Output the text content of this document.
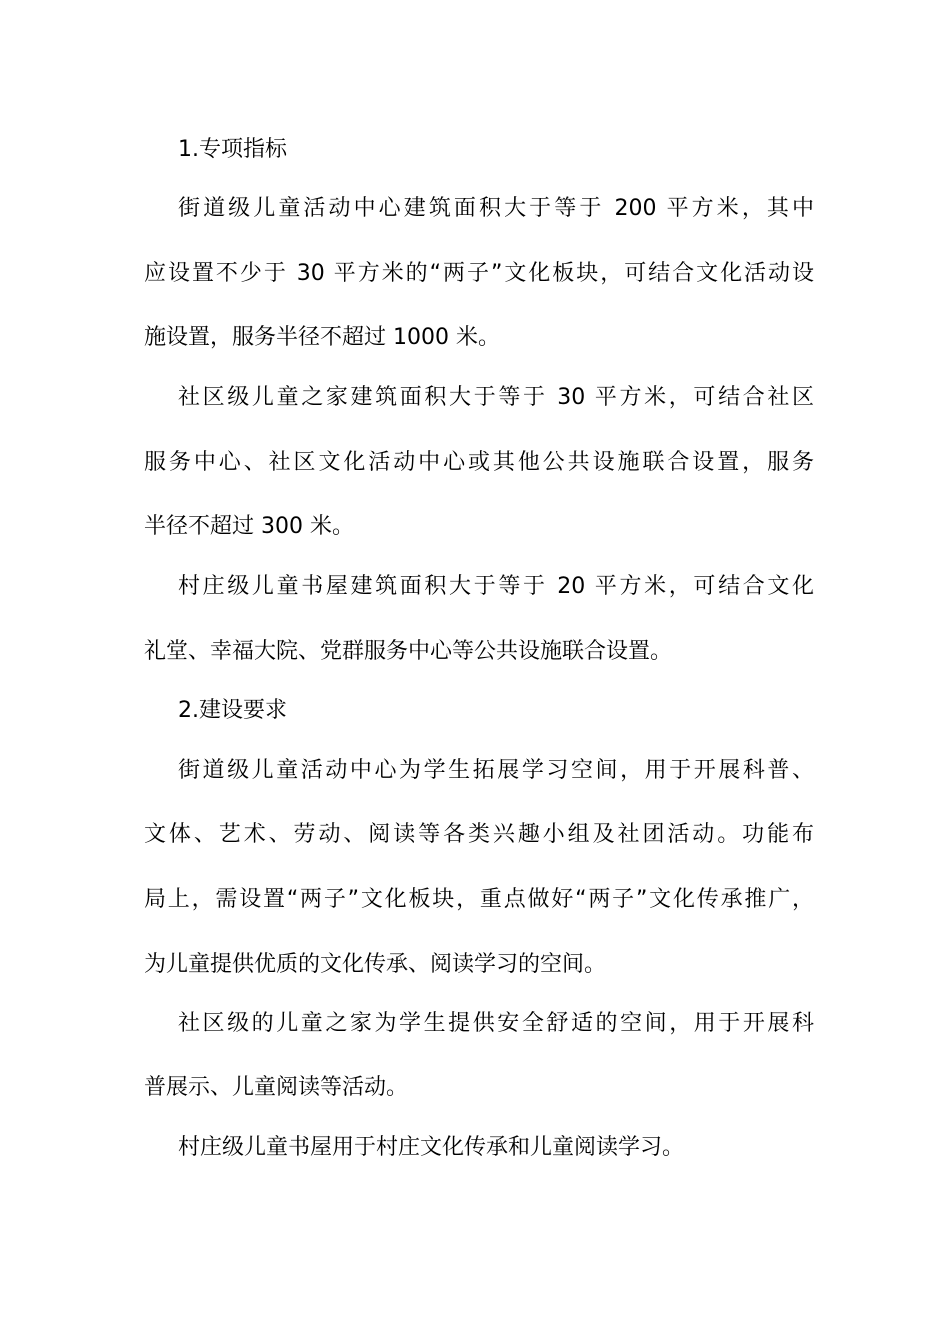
1.专项指标
街道级儿童活动中心建筑面积大于等于 200 平方米，其中
应设置不少于 30 平方米的“两子”文化板块，可结合文化活动设
施设置，服务半径不超过 1000 米。
社区级儿童之家建筑面积大于等于 30 平方米，可结合社区
服务中心、社区文化活动中心或其他公共设施联合设置，服务
半径不超过 300 米。
村庄级儿童书屋建筑面积大于等于 20 平方米，可结合文化
礼堂、幸福大院、党群服务中心等公共设施联合设置。
2.建设要求
街道级儿童活动中心为学生拓展学习空间，用于开展科普、
文体、艺术、劳动、阅读等各类兴趣小组及社团活动。功能布
局上，需设置“两子”文化板块，重点做好“两子”文化传承推广，
为儿童提供优质的文化传承、阅读学习的空间。
社区级的儿童之家为学生提供安全舒适的空间，用于开展科
普展示、儿童阅读等活动。
村庄级儿童书屋用于村庄文化传承和儿童阅读学习。
